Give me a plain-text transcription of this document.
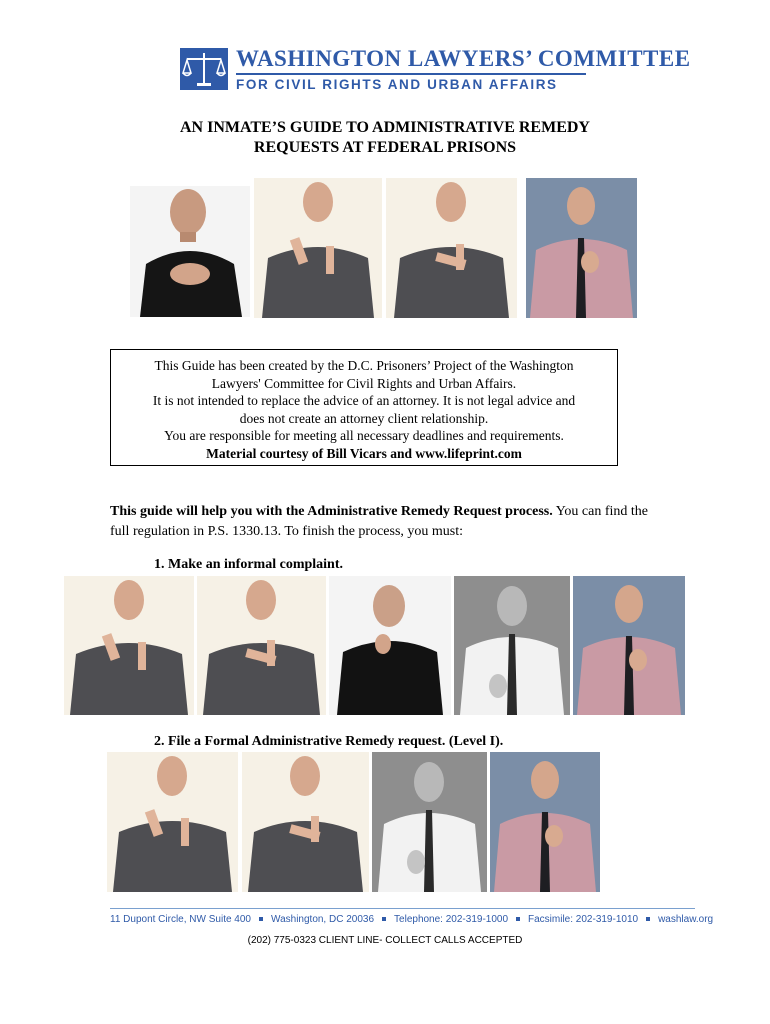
WASHINGTON LAWYERS’ COMMITTEE
FOR CIVIL RIGHTS AND URBAN AFFAIRS
AN INMATE’S GUIDE TO ADMINISTRATIVE REMEDY
REQUESTS AT FEDERAL PRISONS
This Guide has been created by the D.C. Prisoners’ Project of the Washington
Lawyers' Committee for Civil Rights and Urban Affairs.
It is not intended to replace the advice of an attorney. It is not legal advice and
does not create an attorney client relationship.
You are responsible for meeting all necessary deadlines and requirements.
Material courtesy of Bill Vicars and www.lifeprint.com
This guide will help you with the Administrative Remedy Request process. You can find the full regulation in P.S. 1330.13. To finish the process, you must:
1. Make an informal complaint.
2. File a Formal Administrative Remedy request. (Level I).
11 Dupont Circle, NW Suite 400 Washington, DC 20036 Telephone: 202-319-1000 Facsimile: 202-319-1010 washlaw.org
(202) 775-0323 CLIENT LINE- COLLECT CALLS ACCEPTED
